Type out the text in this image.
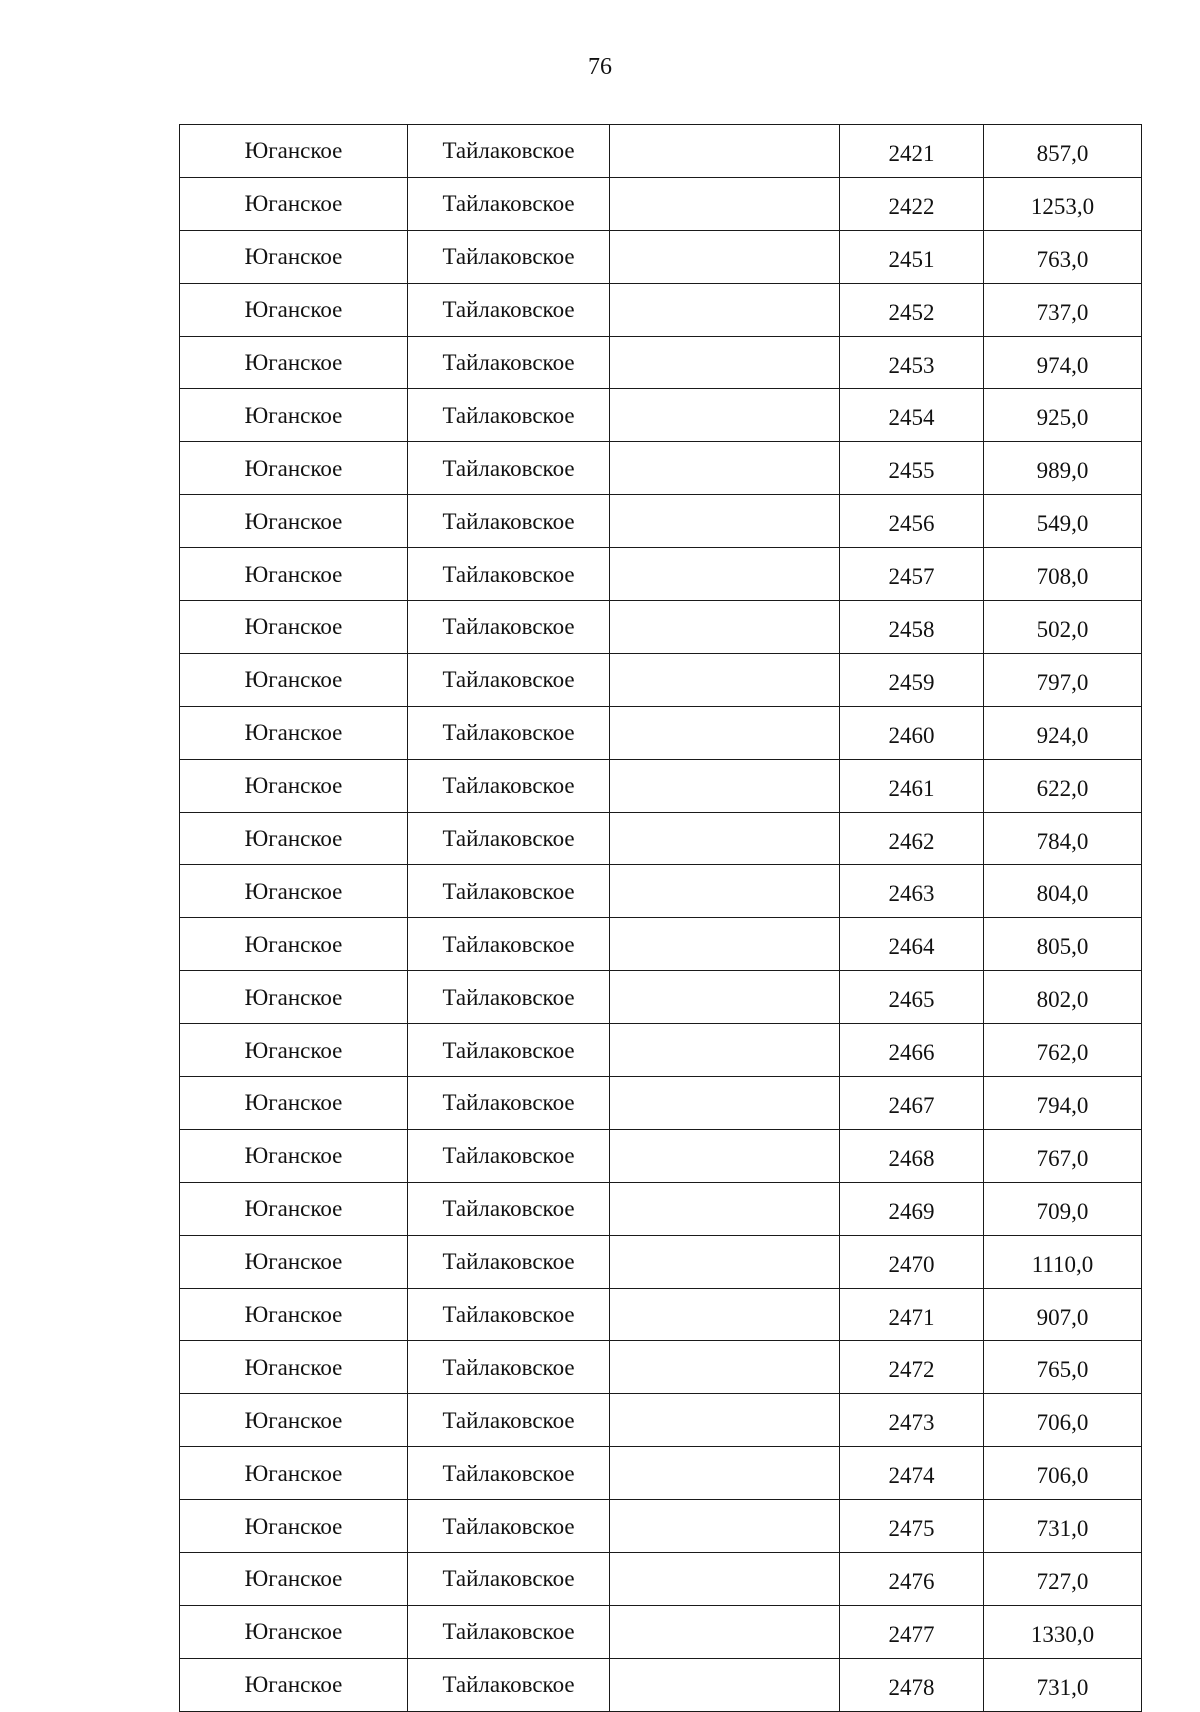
76
Юганское	Тайлаковское		2421	857,0
Юганское	Тайлаковское		2422	1253,0
Юганское	Тайлаковское		2451	763,0
Юганское	Тайлаковское		2452	737,0
Юганское	Тайлаковское		2453	974,0
Юганское	Тайлаковское		2454	925,0
Юганское	Тайлаковское		2455	989,0
Юганское	Тайлаковское		2456	549,0
Юганское	Тайлаковское		2457	708,0
Юганское	Тайлаковское		2458	502,0
Юганское	Тайлаковское		2459	797,0
Юганское	Тайлаковское		2460	924,0
Юганское	Тайлаковское		2461	622,0
Юганское	Тайлаковское		2462	784,0
Юганское	Тайлаковское		2463	804,0
Юганское	Тайлаковское		2464	805,0
Юганское	Тайлаковское		2465	802,0
Юганское	Тайлаковское		2466	762,0
Юганское	Тайлаковское		2467	794,0
Юганское	Тайлаковское		2468	767,0
Юганское	Тайлаковское		2469	709,0
Юганское	Тайлаковское		2470	1110,0
Юганское	Тайлаковское		2471	907,0
Юганское	Тайлаковское		2472	765,0
Юганское	Тайлаковское		2473	706,0
Юганское	Тайлаковское		2474	706,0
Юганское	Тайлаковское		2475	731,0
Юганское	Тайлаковское		2476	727,0
Юганское	Тайлаковское		2477	1330,0
Юганское	Тайлаковское		2478	731,0
